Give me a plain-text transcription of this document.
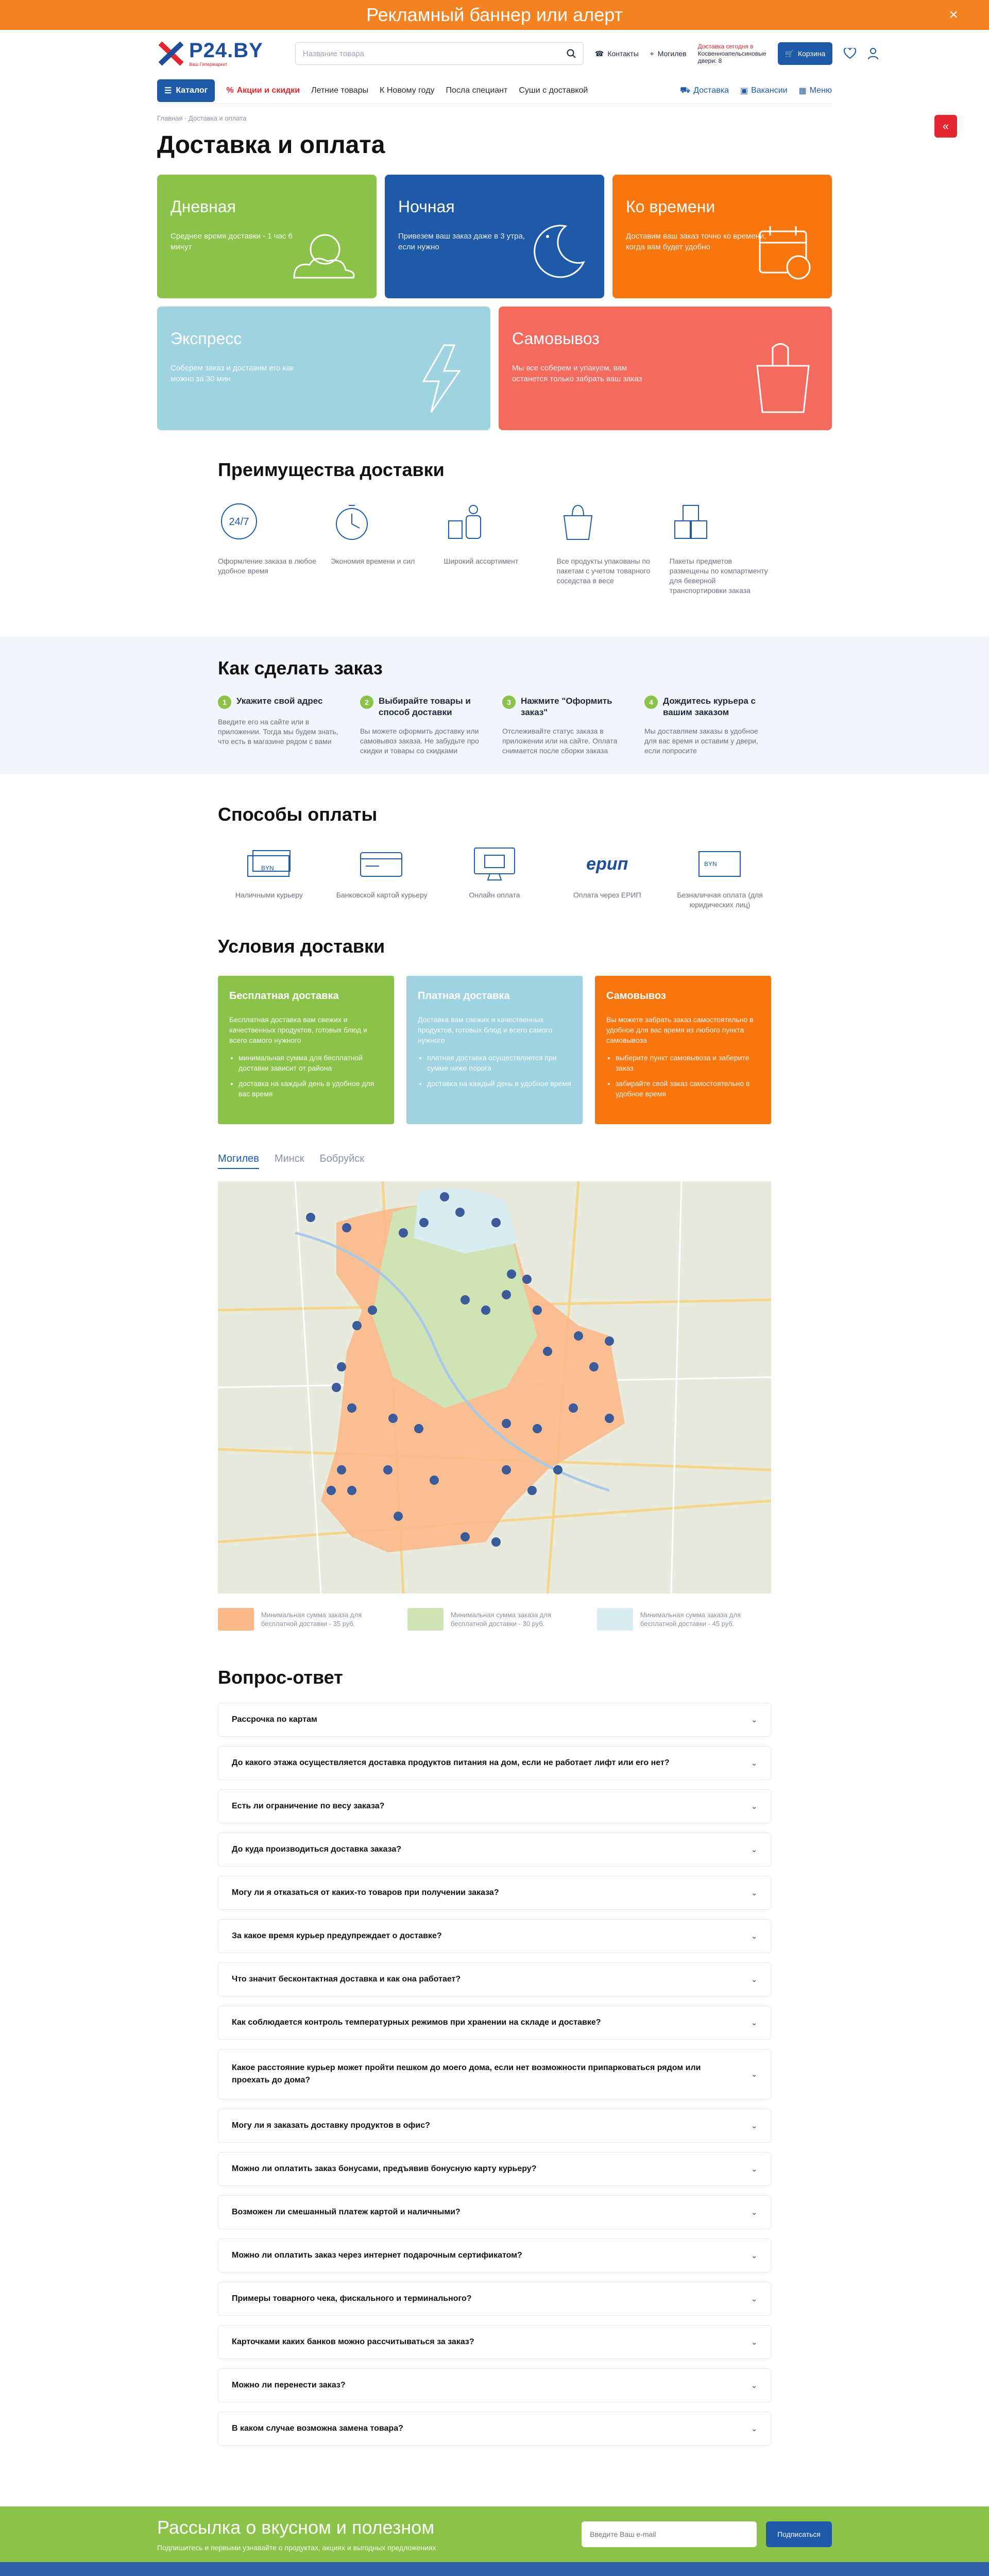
Рекламный баннер или алерт	×
P24.BY
Ваш Гипермаркет
Название товара	☎ Контакты ⌖ Могилев
Доставка сегодня в
Косвенноапельсиновые двери: 8
🛒 Корзина
☰ Каталог % Акции и скидки Летние товары К Новому году Посла специант Суши с доставкой	⛟ Доставка ▣ Вакансии ▦ Меню
«
Главная · Доставка и оплата
Доставка и оплата
Дневная
Среднее время доставки - 1 час 6 минут
Ночная
Привезем ваш заказ даже в 3 утра, если нужно
Ко времени
Доставим ваш заказ точно ко времени, когда вам будет удобно
Экспресс
Соберем заказ и доставим его как можно за 30 мин
Самовывоз
Мы все соберем и упакуем, вам останется только забрать ваш заказ
Преимущества доставки
24/7

Оформление заказа в любое удобное время

Экономия времени и сил	Широкий ассортимент	Все продукты упакованы по пакетам с учетом товарного соседства в весе

Пакеты предметов размещены по компартменту для беверной транспортировки заказа

Как сделать заказ
1	Укажите свой адрес

Введите его на сайте или в приложении. Тогда мы будем знать, что есть в магазине рядом с вами

2	Выбирайте товары и способ доставки

Вы можете оформить доставку или самовывоз заказа. Не забудьте про скидки и товары со скидками

3	Нажмите "Оформить заказ"

Отслеживайте статус заказа в приложении или на сайте. Оплата снимается после сборки заказа

4	Дождитесь курьера с вашим заказом

Мы доставляем заказы в удобное для вас время и оставим у двери, если попросите

Способы оплаты
BYN

Наличными курьеру	Банковской картой курьеру	Онлайн оплата

ерип

Оплата через ЕРИП

BYN

Безналичная оплата (для юридических лиц)

Условия доставки
Бесплатная доставка

Бесплатная доставка вам свежих и качественных продуктов, готовых блюд и всего самого нужного

• минимальная сумма для бесплатной доставки зависит от района
• доставка на каждый день в удобное для вас время
Платная доставка

Доставка вам свежих и качественных продуктов, готовых блюд и всего самого нужного

• платная доставка осуществляется при сумме ниже порога
• доставка на каждый день в удобное время
Самовывоз

Вы можете забрать заказ самостоятельно в удобное для вас время из любого пункта самовывоза

• выберите пункт самовывоза и заберите заказ
• забирайте свой заказ самостоятельно в удобное время
Могилев Минск Бобруйск
Минимальная сумма заказа для бесплатной доставки - 35 руб.
Минимальная сумма заказа для бесплатной доставки - 30 руб.
Минимальная сумма заказа для бесплатной доставки - 45 руб.
Вопрос-ответ
Рассрочка по картам	⌄
До какого этажа осуществляется доставка продуктов питания на дом, если не работает лифт или его нет?	⌄
Есть ли ограничение по весу заказа?	⌄
До куда производиться доставка заказа?	⌄
Могу ли я отказаться от каких-то товаров при получении заказа?	⌄
За какое время курьер предупреждает о доставке?	⌄
Что значит бесконтактная доставка и как она работает?	⌄
Как соблюдается контроль температурных режимов при хранении на складе и доставке?	⌄
Какое расстояние курьер может пройти пешком до моего дома, если нет возможности припарковаться рядом или проехать до дома?
⌄
Могу ли я заказать доставку продуктов в офис?	⌄
Можно ли оплатить заказ бонусами, предъявив бонусную карту курьеру?	⌄
Возможен ли смешанный платеж картой и наличными?	⌄
Можно ли оплатить заказ через интернет подарочным сертификатом?	⌄
Примеры товарного чека, фискального и терминального?	⌄
Карточками каких банков можно рассчитываться за заказ?	⌄
Можно ли перенести заказ?	⌄
В каком случае возможна замена товара?	⌄
Рассылка о вкусном и полезном
Подпишитесь и первыми узнавайте о продуктах, акциях и выгодных предложениях
Введите Ваш e-mail
Подписаться
